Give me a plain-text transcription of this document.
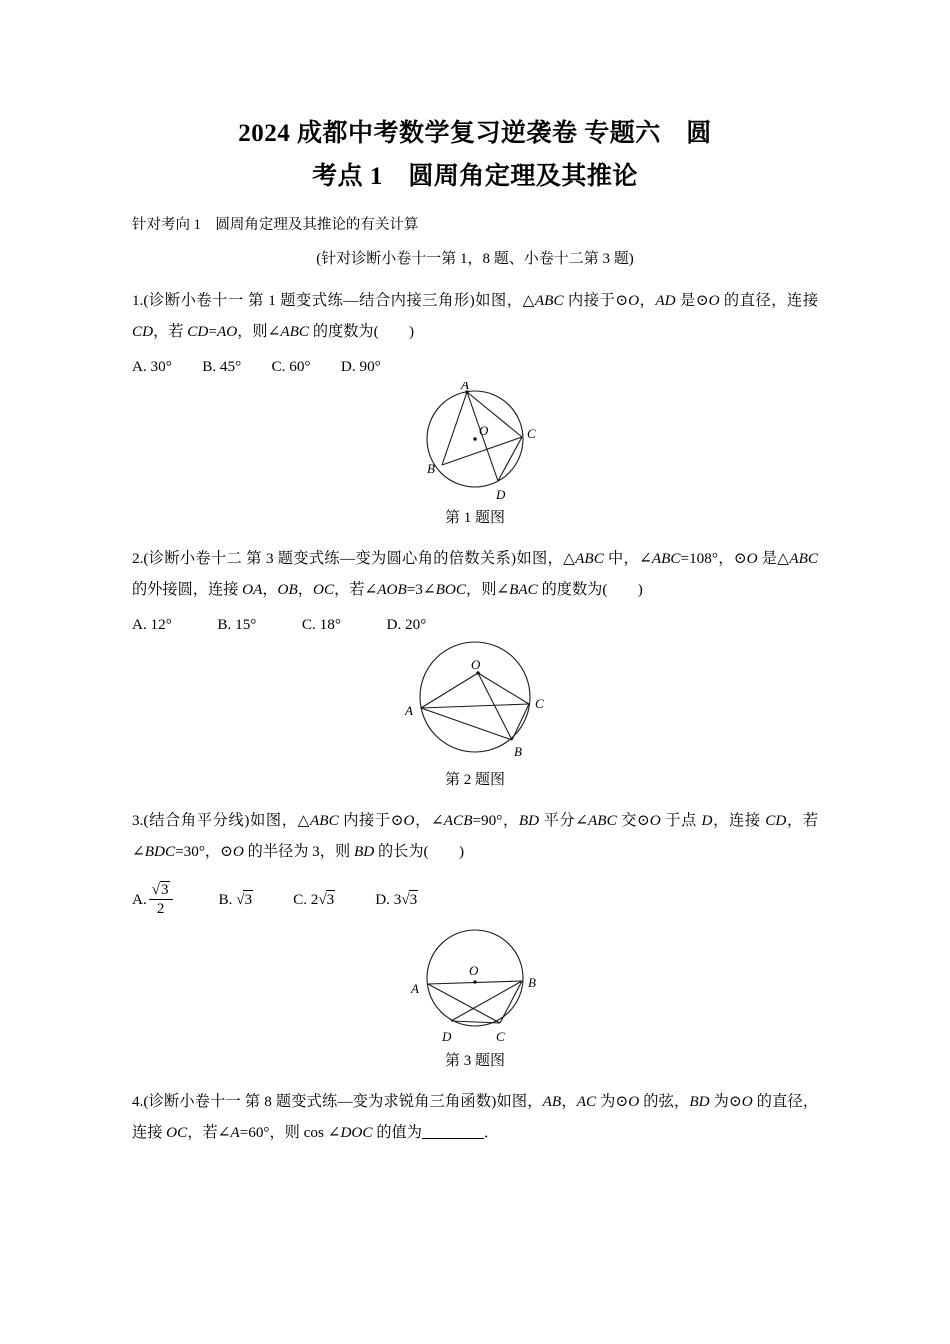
2024 成都中考数学复习逆袭卷 专题六　圆
考点 1　圆周角定理及其推论
针对考向 1　圆周角定理及其推论的有关计算
(针对诊断小卷十一第 1，8 题、小卷十二第 3 题)
1.(诊断小卷十一 第 1 题变式练—结合内接三角形)如图，△ABC 内接于⊙O，AD 是⊙O 的直径，连接 CD，若 CD=AO，则∠ABC 的度数为(　　)
A. 30°　　B. 45°　　C. 60°　　D. 90°
A
O	C
B
D
第 1 题图
2.(诊断小卷十二 第 3 题变式练—变为圆心角的倍数关系)如图，△ABC 中，∠ABC=108°，⊙O 是△ABC 的外接圆，连接 OA，OB，OC，若∠AOB=3∠BOC，则∠BAC 的度数为(　　)
A. 12°　　　B. 15°　　　C. 18°　　　D. 20°
O
A	C
B
第 2 题图
3.(结合角平分线)如图，△ABC 内接于⊙O，∠ACB=90°，BD 平分∠ABC 交⊙O 于点 D，连接 CD，若∠BDC=30°，⊙O 的半径为 3，则 BD 的长为(　　)
A. $\frac{√3}{2}$	B.
√3	C. 2 √3	D. 3 √3
O
A	B
D	C
第 3 题图
4.(诊断小卷十一 第 8 题变式练—变为求锐角三角函数)如图，AB，AC 为⊙O 的弦，BD 为⊙O 的直径，连接 OC，若∠A=60°，则 cos ∠DOC 的值为	．
